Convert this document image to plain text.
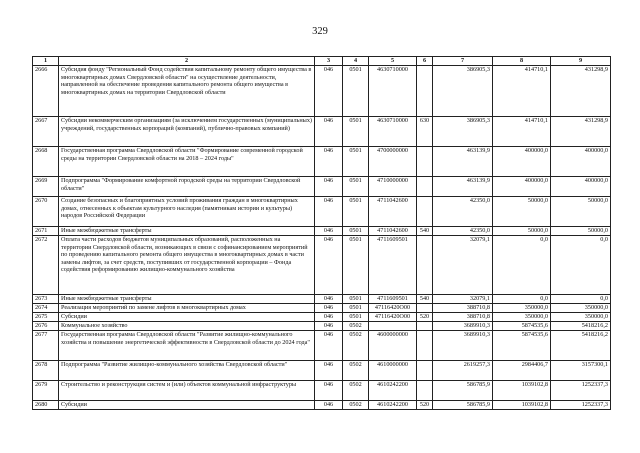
329
1	2	3	4	5	6	7	8	9
2666	Субсидия фонду "Региональный Фонд содействия капитальному ремонту общего имущества в многоквартирных домах Свердловской области" на осуществление деятельности, направленной на обеспечение проведения капитального ремонта общего имущества в многоквартирных домах на территории Свердловской области	046	0501	4630710000		386905,3	414710,1	431298,9
2667	Субсидии некоммерческим организациям (за исключением государственных (муниципальных) учреждений, государственных корпораций (компаний), публично-правовых компаний)	046	0501	4630710000	630	386905,3	414710,1	431298,9
2668	Государственная программа Свердловской области "Формирование современной городской среды на территории Свердловской области на 2018 – 2024 годы"	046	0501	4700000000		463139,9	400000,0	400000,0
2669	Подпрограмма "Формирование комфортной городской среды на территории Свердловской области"	046	0501	4710000000		463139,9	400000,0	400000,0
2670	Создание безопасных и благоприятных условий проживания граждан в многоквартирных домах, отнесенных к объектам культурного наследия (памятникам истории и культуры) народов Российской Федерации	046	0501	4711042600		42350,0	50000,0	50000,0
2671	Иные межбюджетные трансферты	046	0501	4711042600	540	42350,0	50000,0	50000,0
2672	Оплата части расходов бюджетов муниципальных образований, расположенных на территории Свердловской области, возникающих в связи с софинансированием мероприятий по проведению капитального ремонта общего имущества в многоквартирных домах в части замены лифтов, за счет средств, поступивших от государственной корпорации – Фонда содействия реформированию жилищно-коммунального хозяйства	046	0501	4711609501		32079,1	0,0	0,0
2673	Иные межбюджетные трансферты	046	0501	4711609501	540	32079,1	0,0	0,0
2674	Реализация мероприятий по замене лифтов в многоквартирных домах	046	0501	47116420О00		388710,8	350000,0	350000,0
2675	Субсидии	046	0501	47116420О00	520	388710,8	350000,0	350000,0
2676	Коммунальное хозяйство	046	0502			3689910,3	5874535,6	5418216,2
2677	Государственная программа Свердловской области "Развитие жилищно-коммунального хозяйства и повышение энергетической эффективности в Свердловской области до 2024 года"	046	0502	4600000000		3689910,3	5874535,6	5418216,2
2678	Подпрограмма "Развитие жилищно-коммунального хозяйства Свердловской области"	046	0502	4610000000		2619257,3	2984406,7	3157300,1
2679	Строительство и реконструкция систем и (или) объектов коммунальной инфраструктуры	046	0502	4610242200		586785,9	1039102,8	1252337,3
2680	Субсидии	046	0502	4610242200	520	586785,9	1039102,8	1252337,3
